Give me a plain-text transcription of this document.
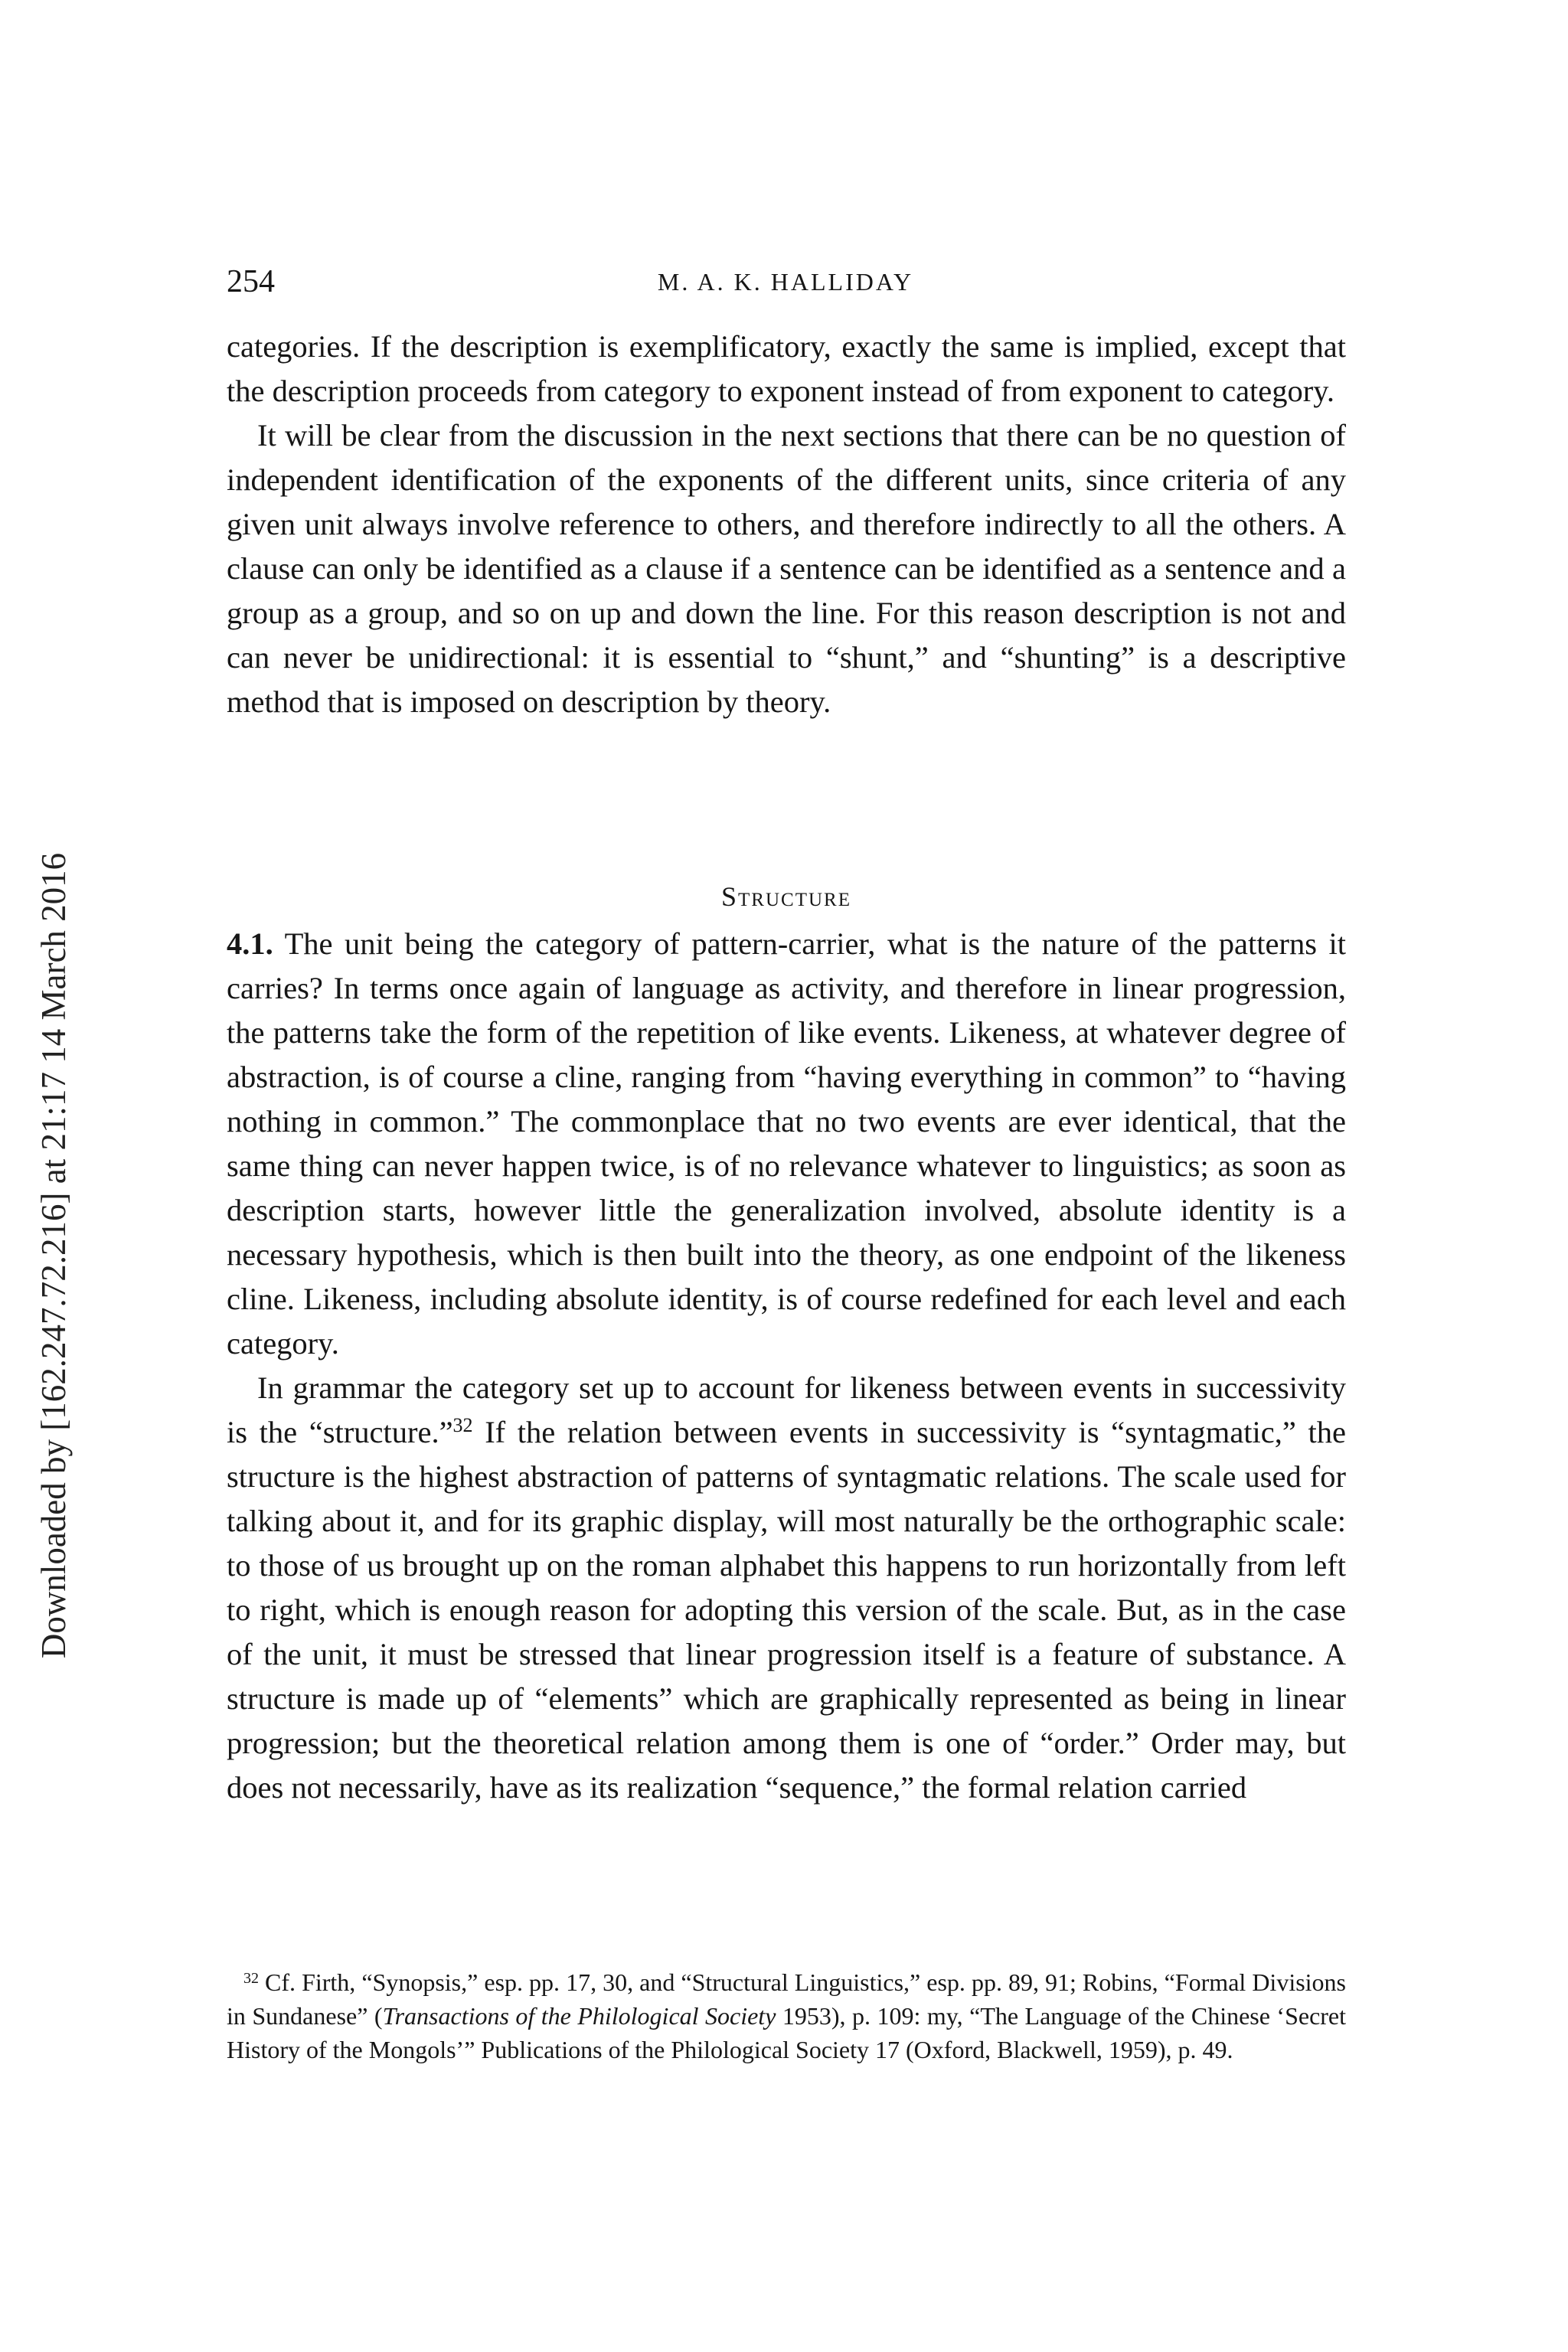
Downloaded by [162.247.72.216] at 21:17 14 March 2016
254	M. A. K. HALLIDAY

categories. If the description is exemplificatory, exactly the same is implied, except that the description proceeds from category to exponent instead of from exponent to category.

It will be clear from the discussion in the next sections that there can be no question of independent identification of the exponents of the different units, since criteria of any given unit always involve reference to others, and therefore indirectly to all the others. A clause can only be identified as a clause if a sentence can be identified as a sentence and a group as a group, and so on up and down the line. For this reason description is not and can never be unidirectional: it is essential to “shunt,” and “shunting” is a descriptive method that is imposed on description by theory.

Structure

4.1. The unit being the category of pattern-carrier, what is the nature of the patterns it carries? In terms once again of language as activity, and therefore in linear progression, the patterns take the form of the repetition of like events. Likeness, at whatever degree of abstraction, is of course a cline, ranging from “having everything in common” to “having nothing in common.” The commonplace that no two events are ever identical, that the same thing can never happen twice, is of no relevance whatever to linguistics; as soon as description starts, however little the generalization involved, absolute identity is a necessary hypothesis, which is then built into the theory, as one endpoint of the likeness cline. Likeness, including absolute identity, is of course redefined for each level and each category.

In grammar the category set up to account for likeness between events in successivity is the “structure.”$^{32}$ If the relation between events in successivity is “syntagmatic,” the structure is the highest abstraction of patterns of syntagmatic relations. The scale used for talking about it, and for its graphic display, will most naturally be the orthographic scale: to those of us brought up on the roman alphabet this happens to run horizontally from left to right, which is enough reason for adopting this version of the scale. But, as in the case of the unit, it must be stressed that linear progression itself is a feature of substance. A structure is made up of “elements” which are graphically represented as being in linear progression; but the theoretical relation among them is one of “order.” Order may, but does not necessarily, have as its realization “sequence,” the formal relation carried

$^{32}$ Cf. Firth, “Synopsis,” esp. pp. 17, 30, and “Structural Linguistics,” esp. pp. 89, 91; Robins, “Formal Divisions in Sundanese” (Transactions of the Philological Society 1953), p. 109: my, “The Language of the Chinese ‘Secret History of the Mongols’” Publications of the Philological Society 17 (Oxford, Blackwell, 1959), p. 49.
